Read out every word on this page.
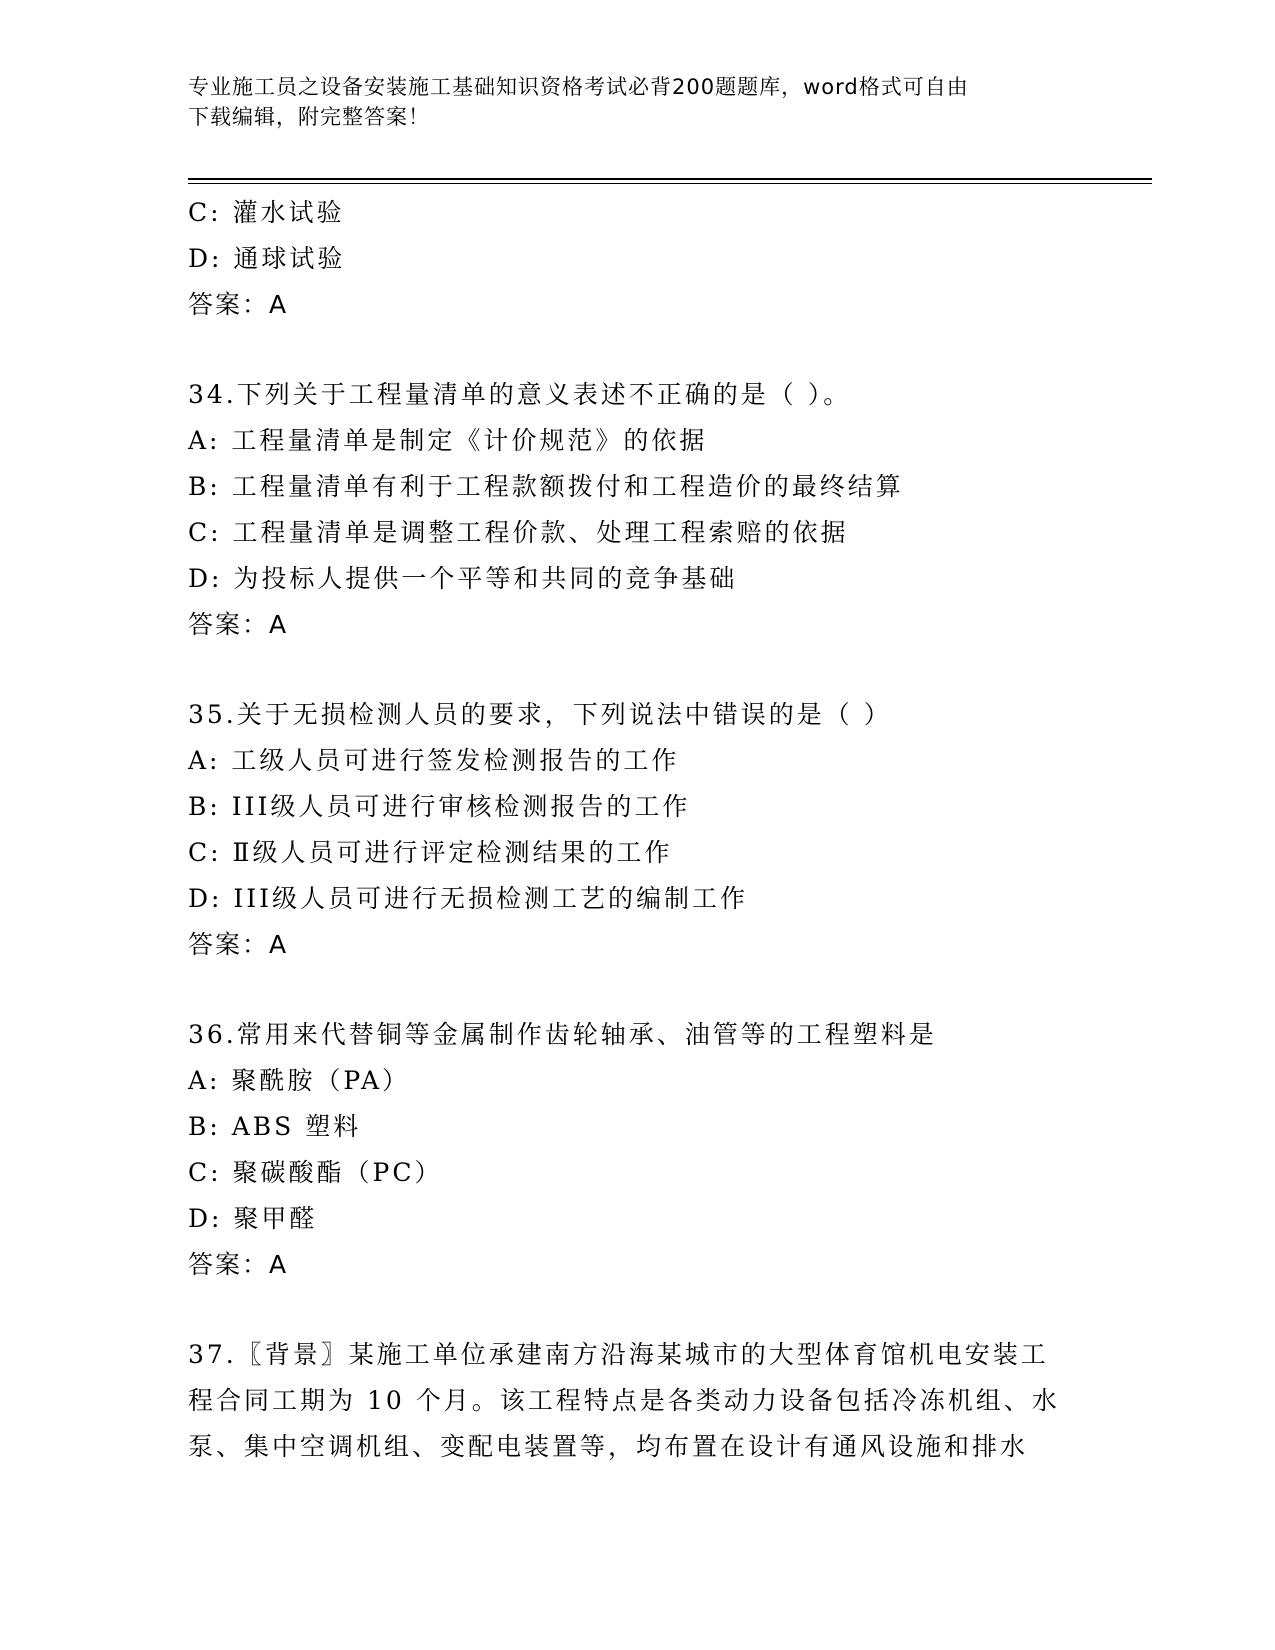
专业施工员之设备安装施工基础知识资格考试必背200题题库，word格式可自由
下载编辑，附完整答案！
C: 灌水试验
D: 通球试验
答案：A
34.下列关于工程量清单的意义表述不正确的是（ ）。
A: 工程量清单是制定《计价规范》的依据
B: 工程量清单有利于工程款额拨付和工程造价的最终结算
C: 工程量清单是调整工程价款、处理工程索赔的依据
D: 为投标人提供一个平等和共同的竞争基础
答案：A
35.关于无损检测人员的要求，下列说法中错误的是（ ）
A: 工级人员可进行签发检测报告的工作
B: III级人员可进行审核检测报告的工作
C: Ⅱ级人员可进行评定检测结果的工作
D: III级人员可进行无损检测工艺的编制工作
答案：A
36.常用来代替铜等金属制作齿轮轴承、油管等的工程塑料是
A: 聚酰胺（PA）
B: ABS 塑料
C: 聚碳酸酯（PC）
D: 聚甲醛
答案：A
37.〖背景〗某施工单位承建南方沿海某城市的大型体育馆机电安装工
程合同工期为 10 个月。该工程特点是各类动力设备包括冷冻机组、水
泵、集中空调机组、变配电装置等，均布置在设计有通风设施和排水
